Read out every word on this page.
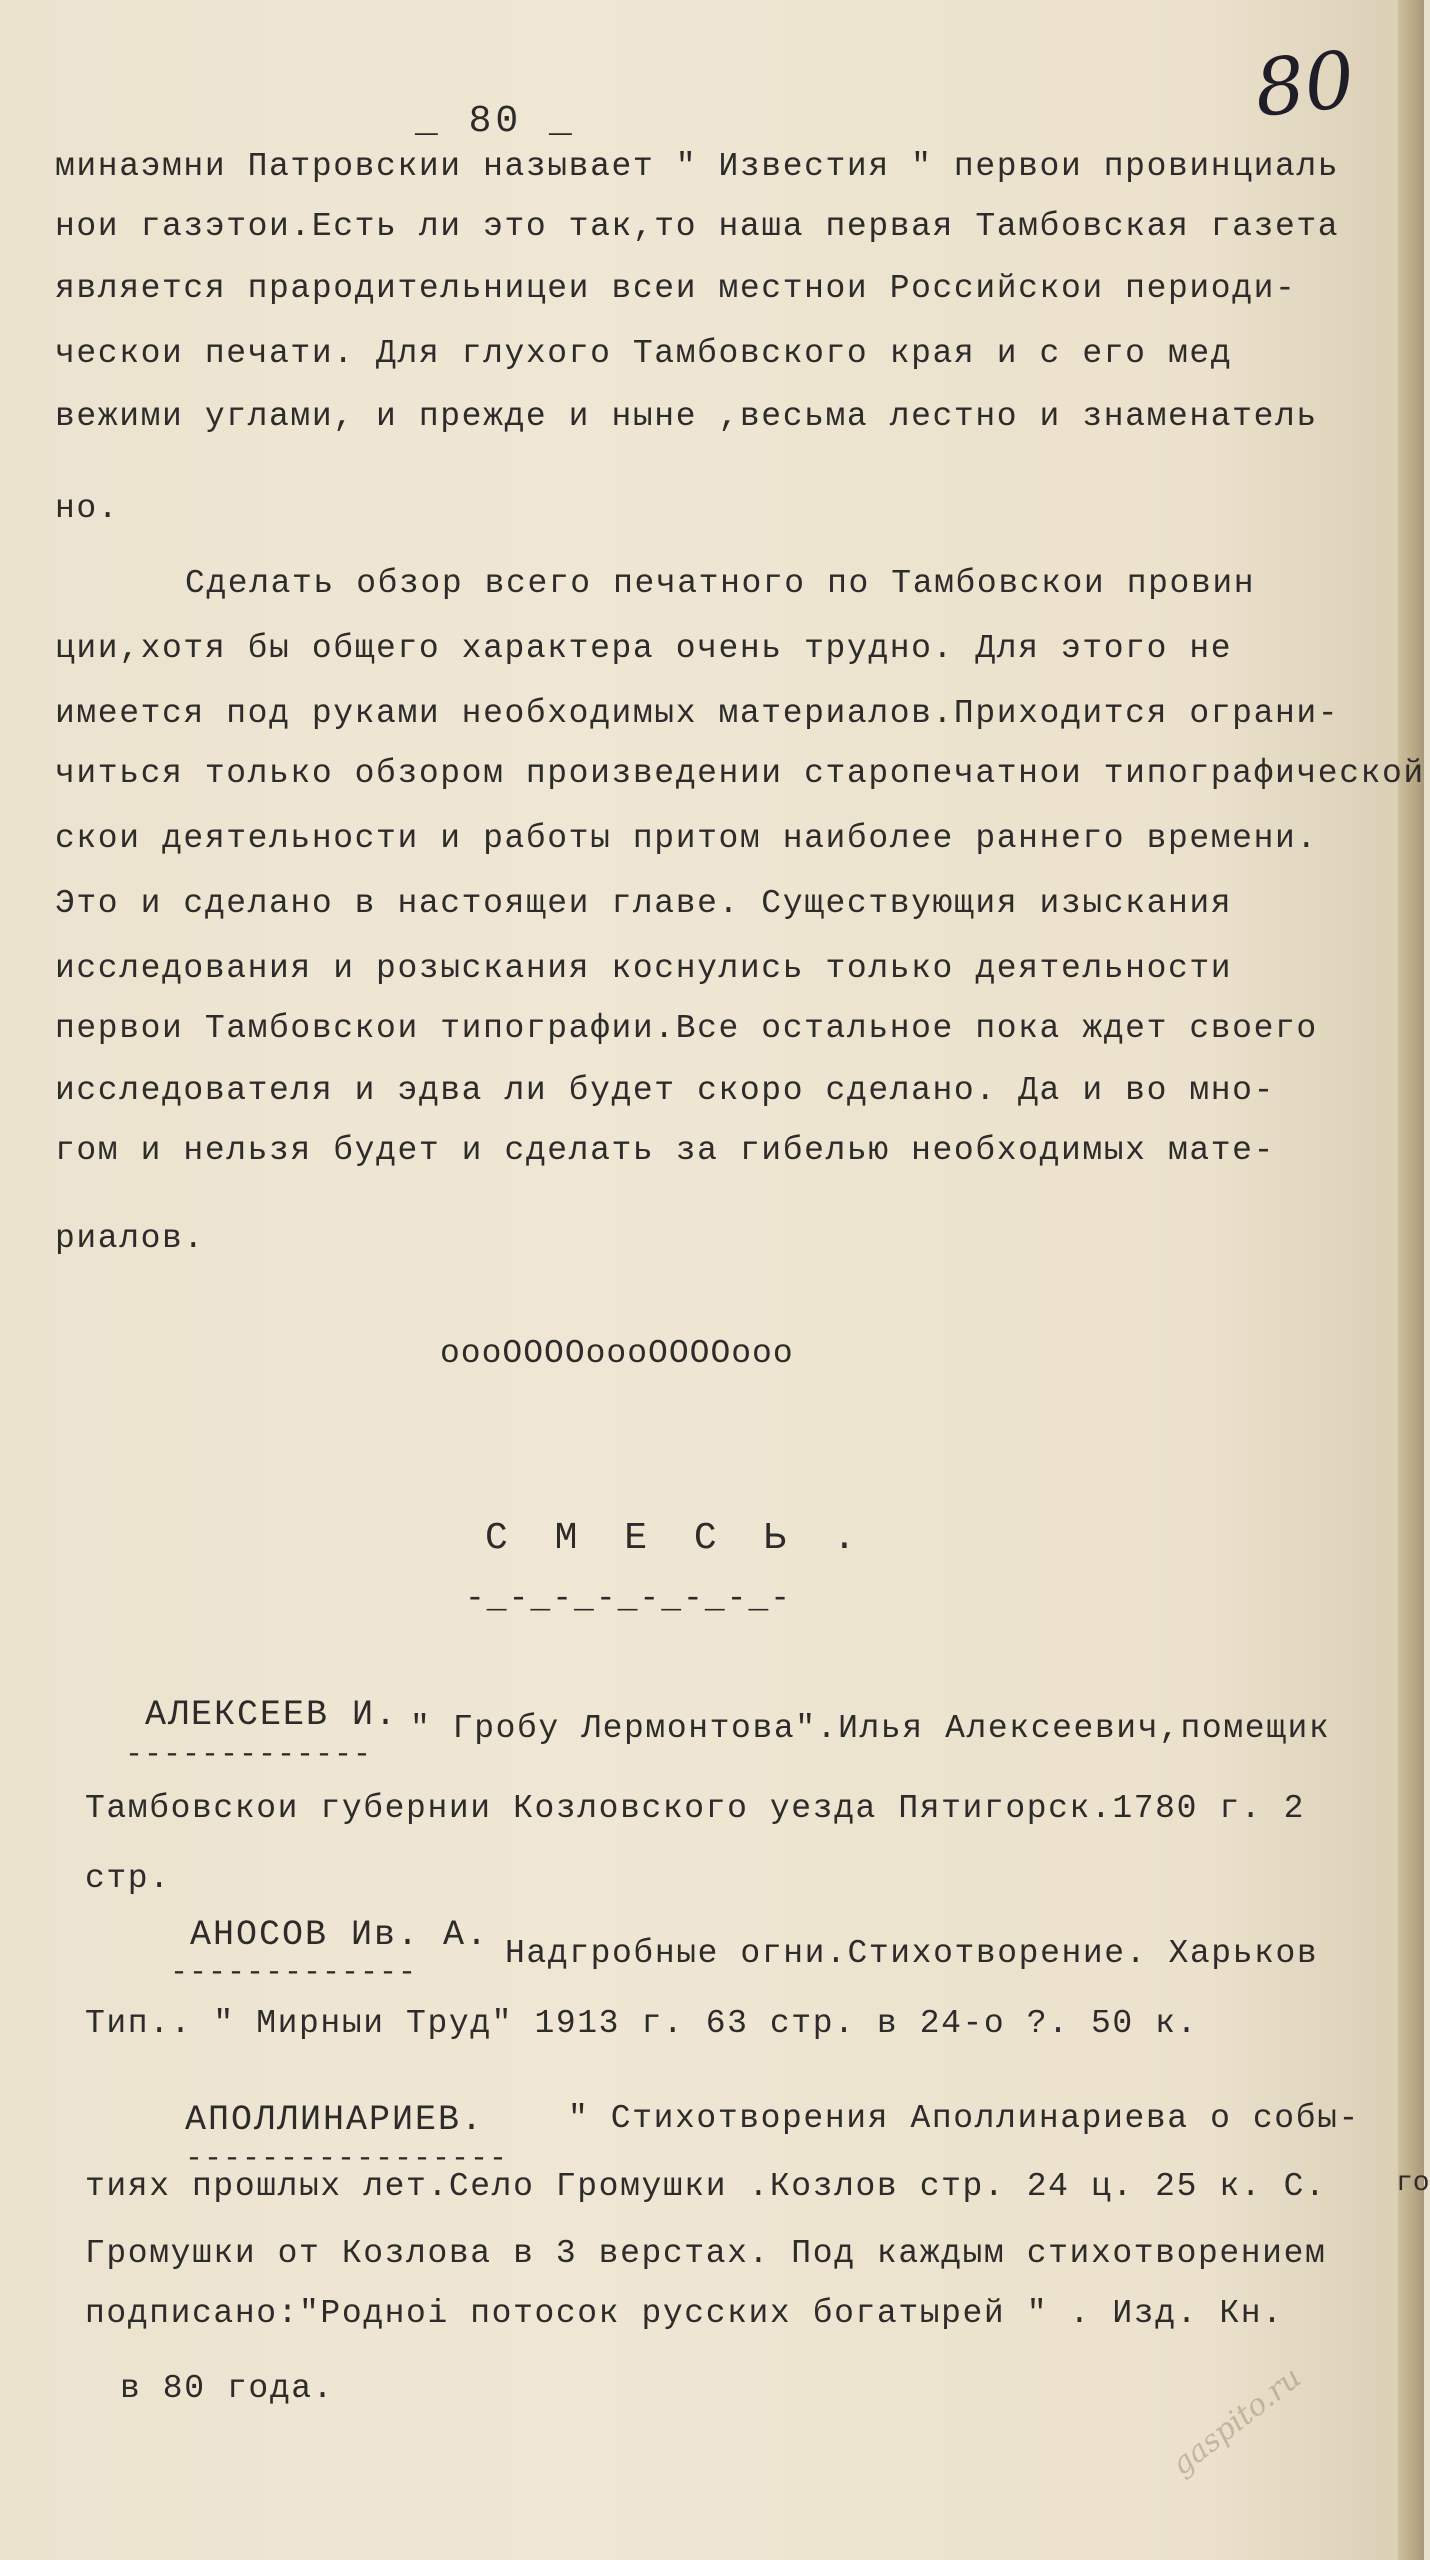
_ 80 _	80
минаэмни Патровскии называет " Известия " первои провинциаль
нои газэтои.Есть ли это так,то наша первая Тамбовская газета
является прародительницеи всеи местнои Российскои периоди-
ческои печати. Для глухого Тамбовского края и с его мед
вежими углами, и прежде и ныне ,весьма лестно и знаменатель
но.
Сделать обзор всего печатного по Тамбовскои провин
ции,хотя бы общего характера очень трудно. Для этого не
имеется под руками необходимых материалов.Приходится ограни-
читься только обзором произведении старопечатнои типографической
скои деятельности и работы притом наиболее раннего времени.
Это и сделано в настоящеи главе. Существующия изыскания
исследования и розыскания коснулись только деятельности
первои Тамбовскои типографии.Все остальное пока ждет своего
исследователя и эдва ли будет скоро сделано. Да и во мно-
гом и нельзя будет и сделать за гибелью необходимых мате-
риалов.
оооOOOOоооOOOOооо
С М Е С Ь .
-_-_-_-_-_-_-_-
АЛЕКСЕЕВ И.
-------------
" Гробу Лермонтова".Илья Алексеевич,помещик
Тамбовскои губернии Козловского уезда Пятигорск.1780 г. 2
стр.
АНОСОВ Ив. А.
-------------
Надгробные огни.Стихотворение. Харьков
Тип.. " Мирныи Труд" 1913 г. 63 стр. в 24-о ?. 50 к.
АПОЛЛИНАРИЕВ.
-----------------
" Стихотворения Аполлинариева о собы-
тиях прошлых лет.Село Громушки .Козлов стр. 24 ц. 25 к. С.
Громушки от Козлова в 3 верстах. Под каждым стихотворением
подписано:"Родноi потосок русских богатырей " . Изд. Кн.
в 80 года.
го
gaspito.ru
